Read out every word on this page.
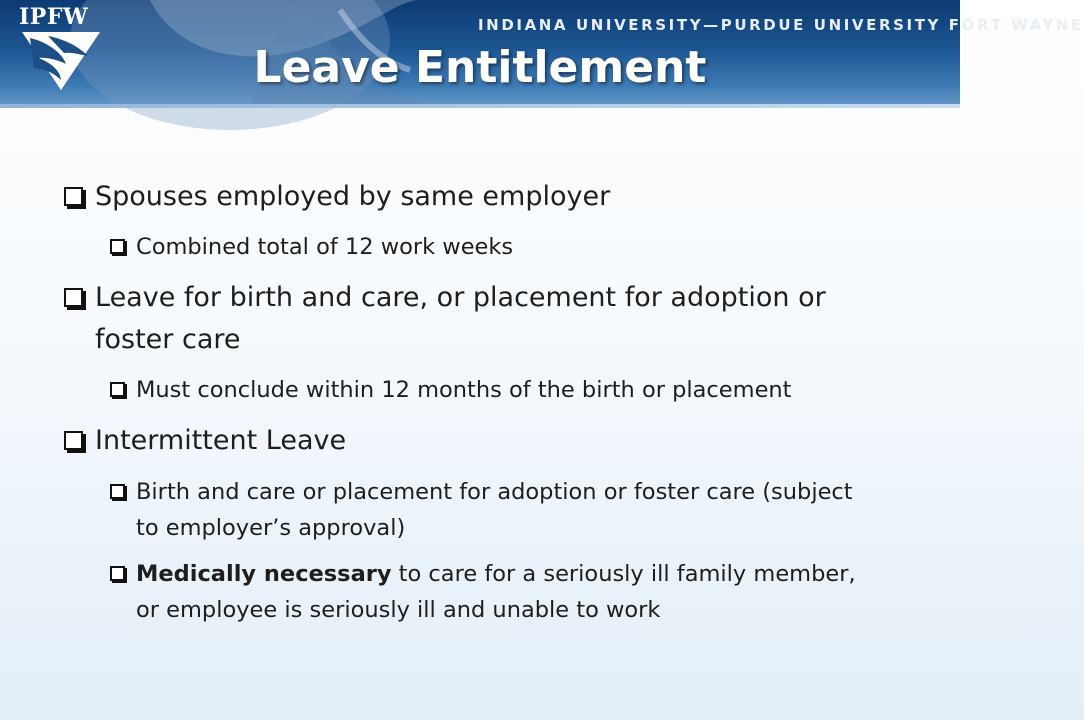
IPFW	INDIANA UNIVERSITY—PURDUE UNIVERSITY FORT WAYNE
Leave Entitlement
Spouses employed by same employer
Combined total of 12 work weeks
Leave for birth and care, or placement for adoption or foster care
Must conclude within 12 months of the birth or placement
Intermittent Leave
Birth and care or placement for adoption or foster care (subject to employer’s approval)
Medically necessary to care for a seriously ill family member, or employee is seriously ill and unable to work
